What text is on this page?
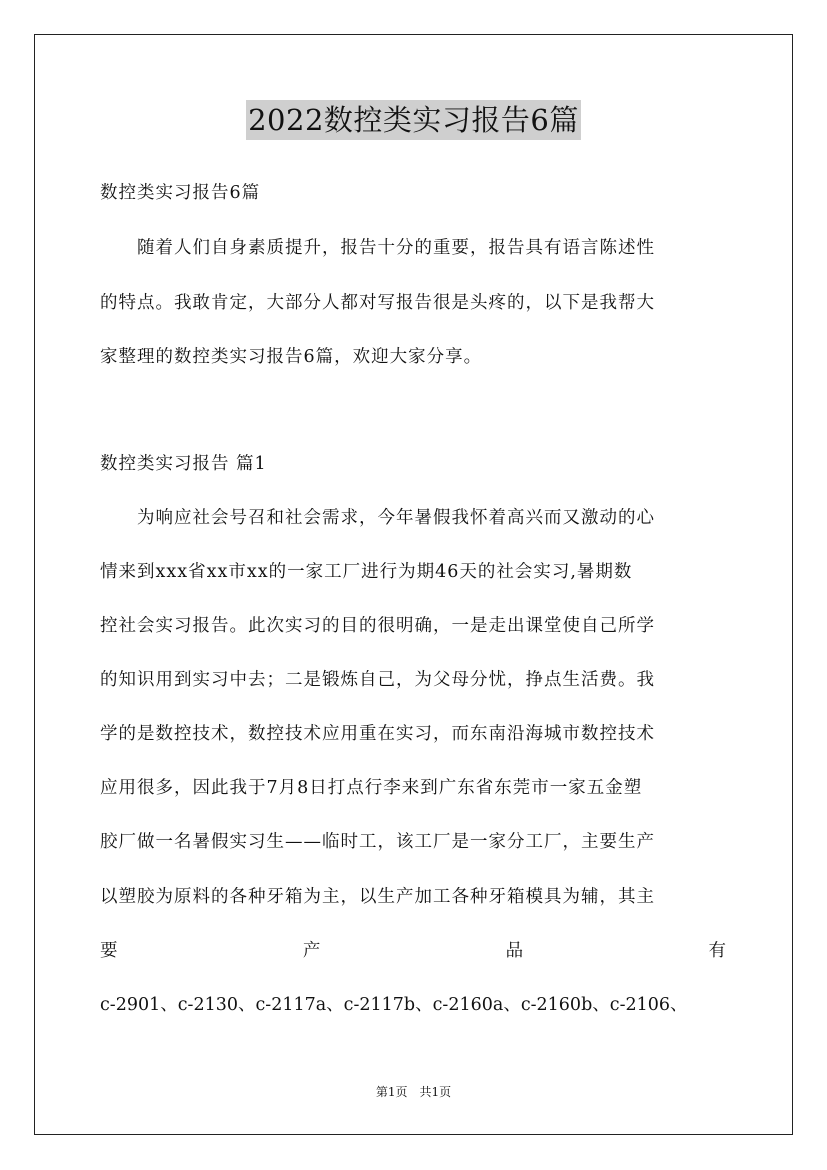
2022数控类实习报告6篇
数控类实习报告6篇
　　随着人们自身素质提升，报告十分的重要，报告具有语言陈述性
的特点。我敢肯定，大部分人都对写报告很是头疼的，以下是我帮大
家整理的数控类实习报告6篇，欢迎大家分享。
数控类实习报告 篇1
　　为响应社会号召和社会需求，今年暑假我怀着高兴而又激动的心
情来到xxx省xx市xx的一家工厂进行为期46天的社会实习,暑期数
控社会实习报告。此次实习的目的很明确，一是走出课堂使自己所学
的知识用到实习中去；二是锻炼自己，为父母分忧，挣点生活费。我
学的是数控技术，数控技术应用重在实习，而东南沿海城市数控技术
应用很多，因此我于7月8日打点行李来到广东省东莞市一家五金塑
胶厂做一名暑假实习生——临时工，该工厂是一家分工厂，主要生产
以塑胶为原料的各种牙箱为主，以生产加工各种牙箱模具为辅，其主
要	产	品	有
c-2901、c-2130、c-2117a、c-2117b、c-2160a、c-2160b、c-2106、
第1页　共1页
